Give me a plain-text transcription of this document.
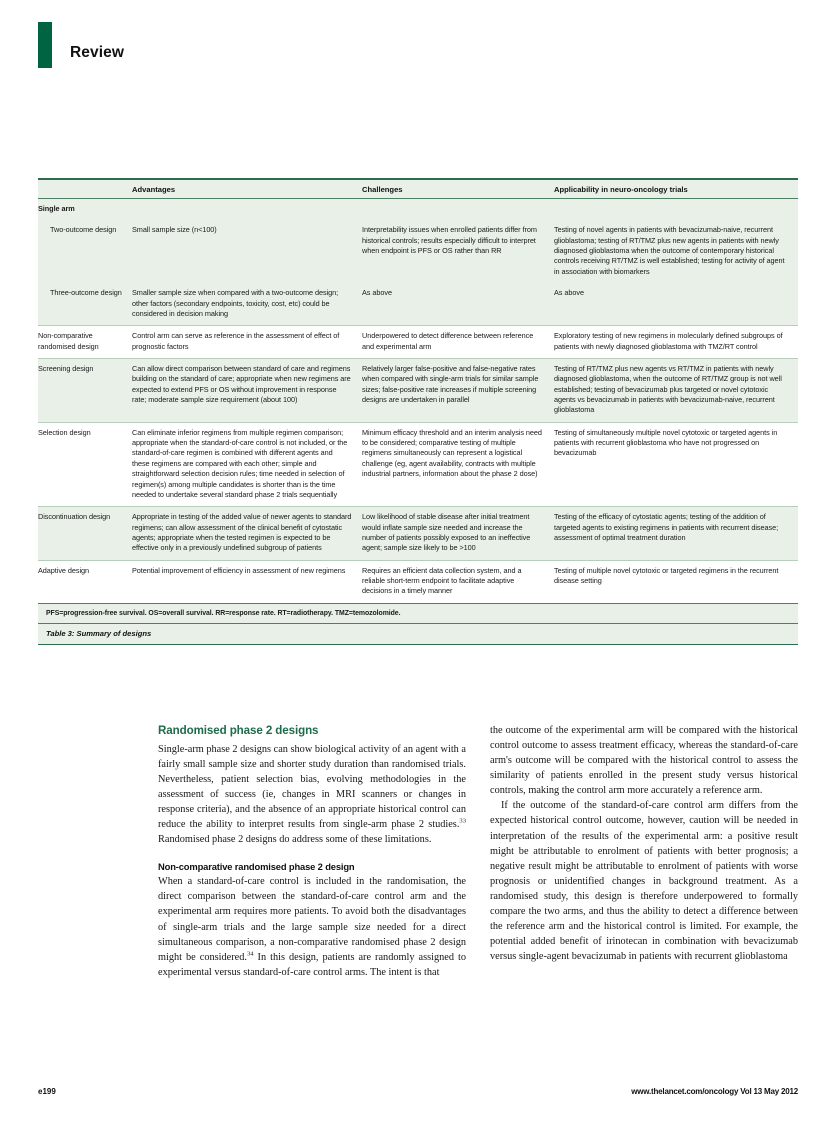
Review
	Advantages	Challenges	Applicability in neuro-oncology trials
Single arm			
Two-outcome design	Small sample size (n<100)	Interpretability issues when enrolled patients differ from historical controls; results especially difficult to interpret when endpoint is PFS or OS rather than RR	Testing of novel agents in patients with bevacizumab-naive, recurrent glioblastoma; testing of RT/TMZ plus new agents in patients with newly diagnosed glioblastoma when the outcome of contemporary historical controls receiving RT/TMZ is well established; testing for activity of agent in association with biomarkers
Three-outcome design	Smaller sample size when compared with a two-outcome design; other factors (secondary endpoints, toxicity, cost, etc) could be considered in decision making	As above	As above
Non-comparative randomised design	Control arm can serve as reference in the assessment of effect of prognostic factors	Underpowered to detect difference between reference and experimental arm	Exploratory testing of new regimens in molecularly defined subgroups of patients with newly diagnosed glioblastoma with TMZ/RT control
Screening design	Can allow direct comparison between standard of care and regimens building on the standard of care; appropriate when new regimens are expected to extend PFS or OS without improvement in response rate; moderate sample size requirement (about 100)	Relatively larger false-positive and false-negative rates when compared with single-arm trials for similar sample sizes; false-positive rate increases if multiple screening designs are undertaken in parallel	Testing of RT/TMZ plus new agents vs RT/TMZ in patients with newly diagnosed glioblastoma, when the outcome of RT/TMZ group is not well established; testing of bevacizumab plus targeted or novel cytotoxic agents vs bevacizumab in patients with bevacizumab-naive, recurrent glioblastoma
Selection design	Can eliminate inferior regimens from multiple regimen comparison; appropriate when the standard-of-care control is not included, or the standard-of-care regimen is combined with different agents and these regimens are compared with each other; simple and straightforward selection decision rules; time needed in selection of regimen(s) among multiple candidates is shorter than is the time needed to undertake several standard phase 2 trials sequentially	Minimum efficacy threshold and an interim analysis need to be considered; comparative testing of multiple regimens simultaneously can represent a logistical challenge (eg, agent availability, contracts with multiple industrial partners, information about the phase 2 dose)	Testing of simultaneously multiple novel cytotoxic or targeted agents in patients with recurrent glioblastoma who have not progressed on bevacizumab
Discontinuation design	Appropriate in testing of the added value of newer agents to standard regimens; can allow assessment of the clinical benefit of cytostatic agents; appropriate when the tested regimen is expected to be effective only in a previously undefined subgroup of patients	Low likelihood of stable disease after initial treatment would inflate sample size needed and increase the number of patients possibly exposed to an ineffective agent; sample size likely to be >100	Testing of the efficacy of cytostatic agents; testing of the addition of targeted agents to existing regimens in patients with recurrent disease; assessment of optimal treatment duration
Adaptive design	Potential improvement of efficiency in assessment of new regimens	Requires an efficient data collection system, and a reliable short-term endpoint to facilitate adaptive decisions in a timely manner	Testing of multiple novel cytotoxic or targeted regimens in the recurrent disease setting
PFS=progression-free survival. OS=overall survival. RR=response rate. RT=radiotherapy. TMZ=temozolomide.
Table 3: Summary of designs
Randomised phase 2 designs

Single-arm phase 2 designs can show biological activity of an agent with a fairly small sample size and shorter study duration than randomised trials. Nevertheless, patient selection bias, evolving methodologies in the assessment of success (ie, changes in MRI scanners or changes in response criteria), and the absence of an appropriate historical control can reduce the ability to interpret results from single-arm phase 2 studies.$^{33}$ Randomised phase 2 designs do address some of these limitations.

Non-comparative randomised phase 2 design

When a standard-of-care control is included in the randomisation, the direct comparison between the standard-of-care control arm and the experimental arm requires more patients. To avoid both the disadvantages of single-arm trials and the large sample size needed for a direct simultaneous comparison, a non-comparative randomised phase 2 design might be considered.$^{34}$ In this design, patients are randomly assigned to experimental versus standard-of-care control arms. The intent is that

the outcome of the experimental arm will be compared with the historical control outcome to assess treatment efficacy, whereas the standard-of-care arm's outcome will be compared with the historical control to assess the similarity of patients enrolled in the present study versus historical controls, making the control arm more accurately a reference arm.

If the outcome of the standard-of-care control arm differs from the expected historical control outcome, however, caution will be needed in interpretation of the results of the experimental arm: a positive result might be attributable to enrolment of patients with better prognosis; a negative result might be attributable to enrolment of patients with worse prognosis or unidentified changes in background treatment. As a randomised study, this design is therefore underpowered to formally compare the two arms, and thus the ability to detect a difference between the reference arm and the historical control is limited. For example, the potential added benefit of irinotecan in combination with bevacizumab versus single-agent bevacizumab in patients with recurrent glioblastoma

e199	www.thelancet.com/oncology Vol 13 May 2012
